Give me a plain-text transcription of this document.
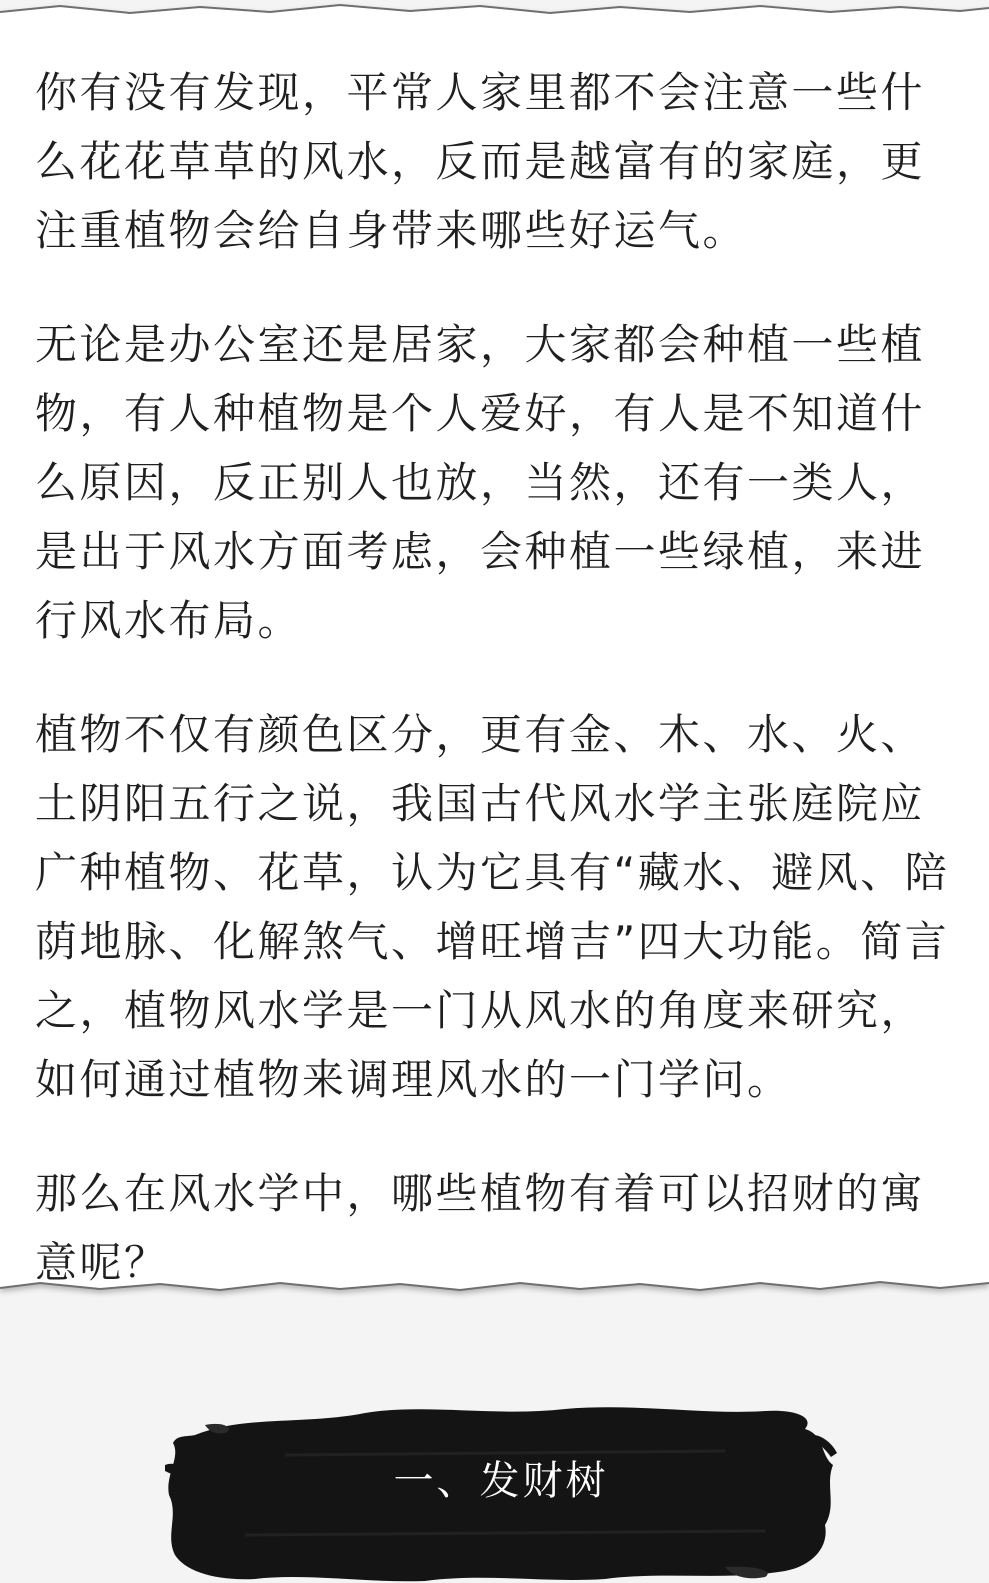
你有没有发现，平常人家里都不会注意一些什么花花草草的风水，反而是越富有的家庭，更注重植物会给自身带来哪些好运气。

无论是办公室还是居家，大家都会种植一些植物，有人种植物是个人爱好，有人是不知道什么原因，反正别人也放，当然，还有一类人，是出于风水方面考虑，会种植一些绿植，来进行风水布局。

植物不仅有颜色区分，更有金、木、水、火、土阴阳五行之说，我国古代风水学主张庭院应广种植物、花草，认为它具有“藏水、避风、陪荫地脉、化解煞气、增旺增吉”四大功能。简言之，植物风水学是一门从风水的角度来研究，如何通过植物来调理风水的一门学问。

那么在风水学中，哪些植物有着可以招财的寓意呢？

一、发财树
